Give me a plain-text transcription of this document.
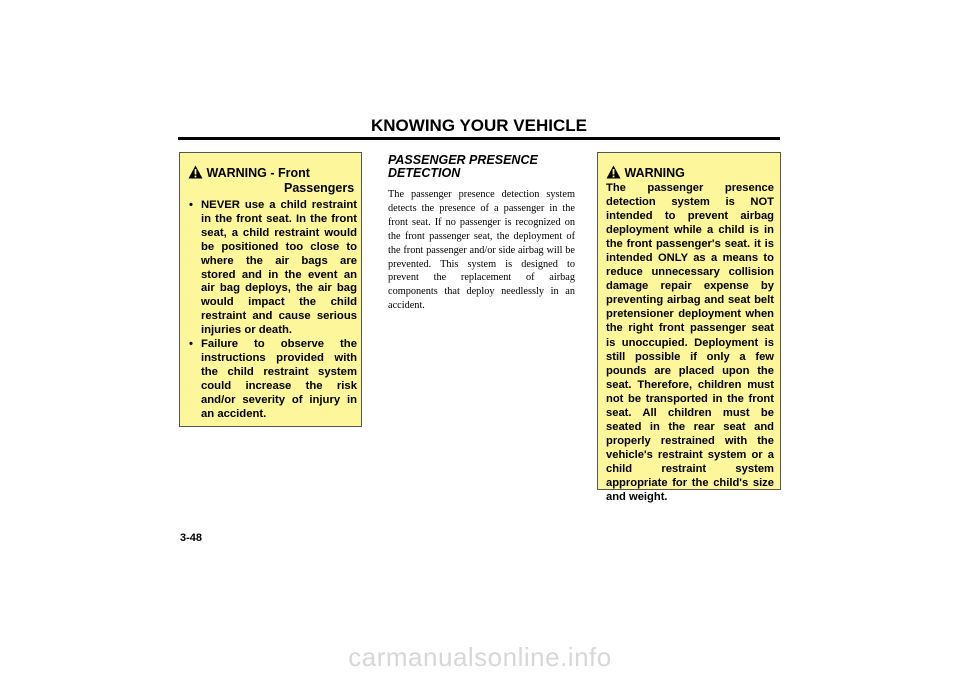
KNOWING YOUR VEHICLE
WARNING - Front
Passengers
• NEVER use a child restraint in the front seat. In the front seat, a child restraint would be positioned too close to where the air bags are stored and in the event an air bag deploys, the air bag would impact the child restraint and cause serious injuries or death.
• Failure to observe the instructions provided with the child restraint system could increase the risk and/or severity of injury in an accident.

PASSENGER PRESENCE DETECTION

The passenger presence detection system detects the presence of a passenger in the front seat. If no passenger is recognized on the front passenger seat, the deployment of the front passenger and/or side airbag will be prevented. This system is designed to prevent the replacement of airbag components that deploy needlessly in an accident.

WARNING

The passenger presence detection system is NOT intended to prevent airbag deployment while a child is in the front passenger's seat. it is intended ONLY as a means to reduce unnecessary collision damage repair expense by preventing airbag and seat belt pretensioner deployment when the right front passenger seat is unoccupied. Deployment is still possible if only a few pounds are placed upon the seat. Therefore, children must not be transported in the front seat. All children must be seated in the rear seat and properly restrained with the vehicle's restraint system or a child restraint system appropriate for the child's size and weight.

3-48
carmanualsonline.info
